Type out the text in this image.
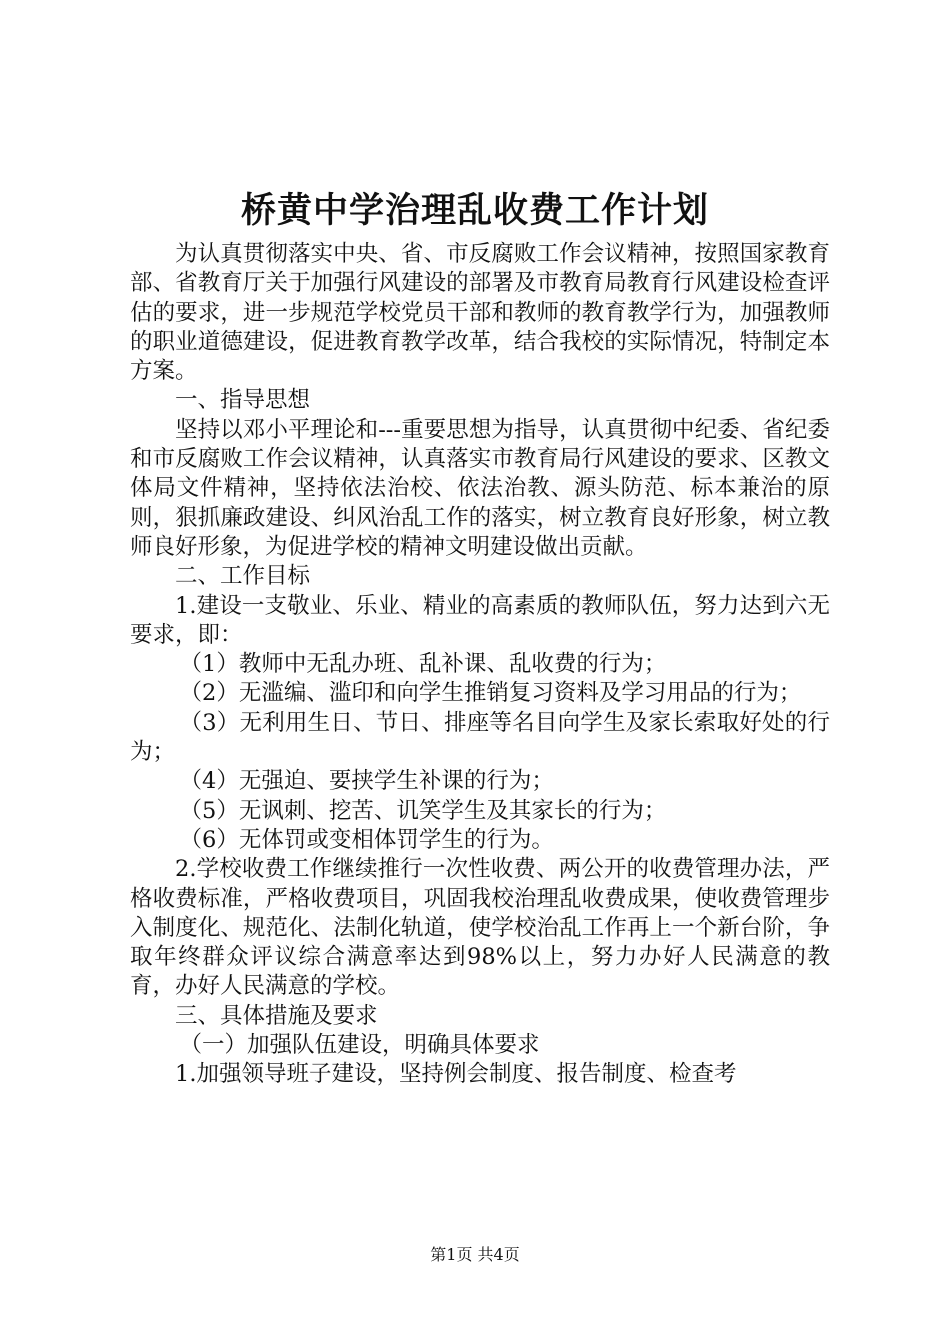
桥黄中学治理乱收费工作计划

为认真贯彻落实中央、省、市反腐败工作会议精神，按照国家教育部、省教育厅关于加强行风建设的部署及市教育局教育行风建设检查评估的要求，进一步规范学校党员干部和教师的教育教学行为，加强教师的职业道德建设，促进教育教学改革，结合我校的实际情况，特制定本方案。

一、指导思想

坚持以邓小平理论和---重要思想为指导，认真贯彻中纪委、省纪委和市反腐败工作会议精神，认真落实市教育局行风建设的要求、区教文体局文件精神，坚持依法治校、依法治教、源头防范、标本兼治的原则，狠抓廉政建设、纠风治乱工作的落实，树立教育良好形象，树立教师良好形象，为促进学校的精神文明建设做出贡献。

二、工作目标

1.建设一支敬业、乐业、精业的高素质的教师队伍，努力达到六无要求，即：

（1）教师中无乱办班、乱补课、乱收费的行为；

（2）无滥编、滥印和向学生推销复习资料及学习用品的行为；

（3）无利用生日、节日、排座等名目向学生及家长索取好处的行为；

（4）无强迫、要挟学生补课的行为；

（5）无讽刺、挖苦、讥笑学生及其家长的行为；

（6）无体罚或变相体罚学生的行为。

2.学校收费工作继续推行一次性收费、两公开的收费管理办法，严格收费标准，严格收费项目，巩固我校治理乱收费成果，使收费管理步入制度化、规范化、法制化轨道，使学校治乱工作再上一个新台阶，争取年终群众评议综合满意率达到98%以上，努力办好人民满意的教育，办好人民满意的学校。

三、具体措施及要求

（一）加强队伍建设，明确具体要求

1.加强领导班子建设，坚持例会制度、报告制度、检查考

第1页 共4页
